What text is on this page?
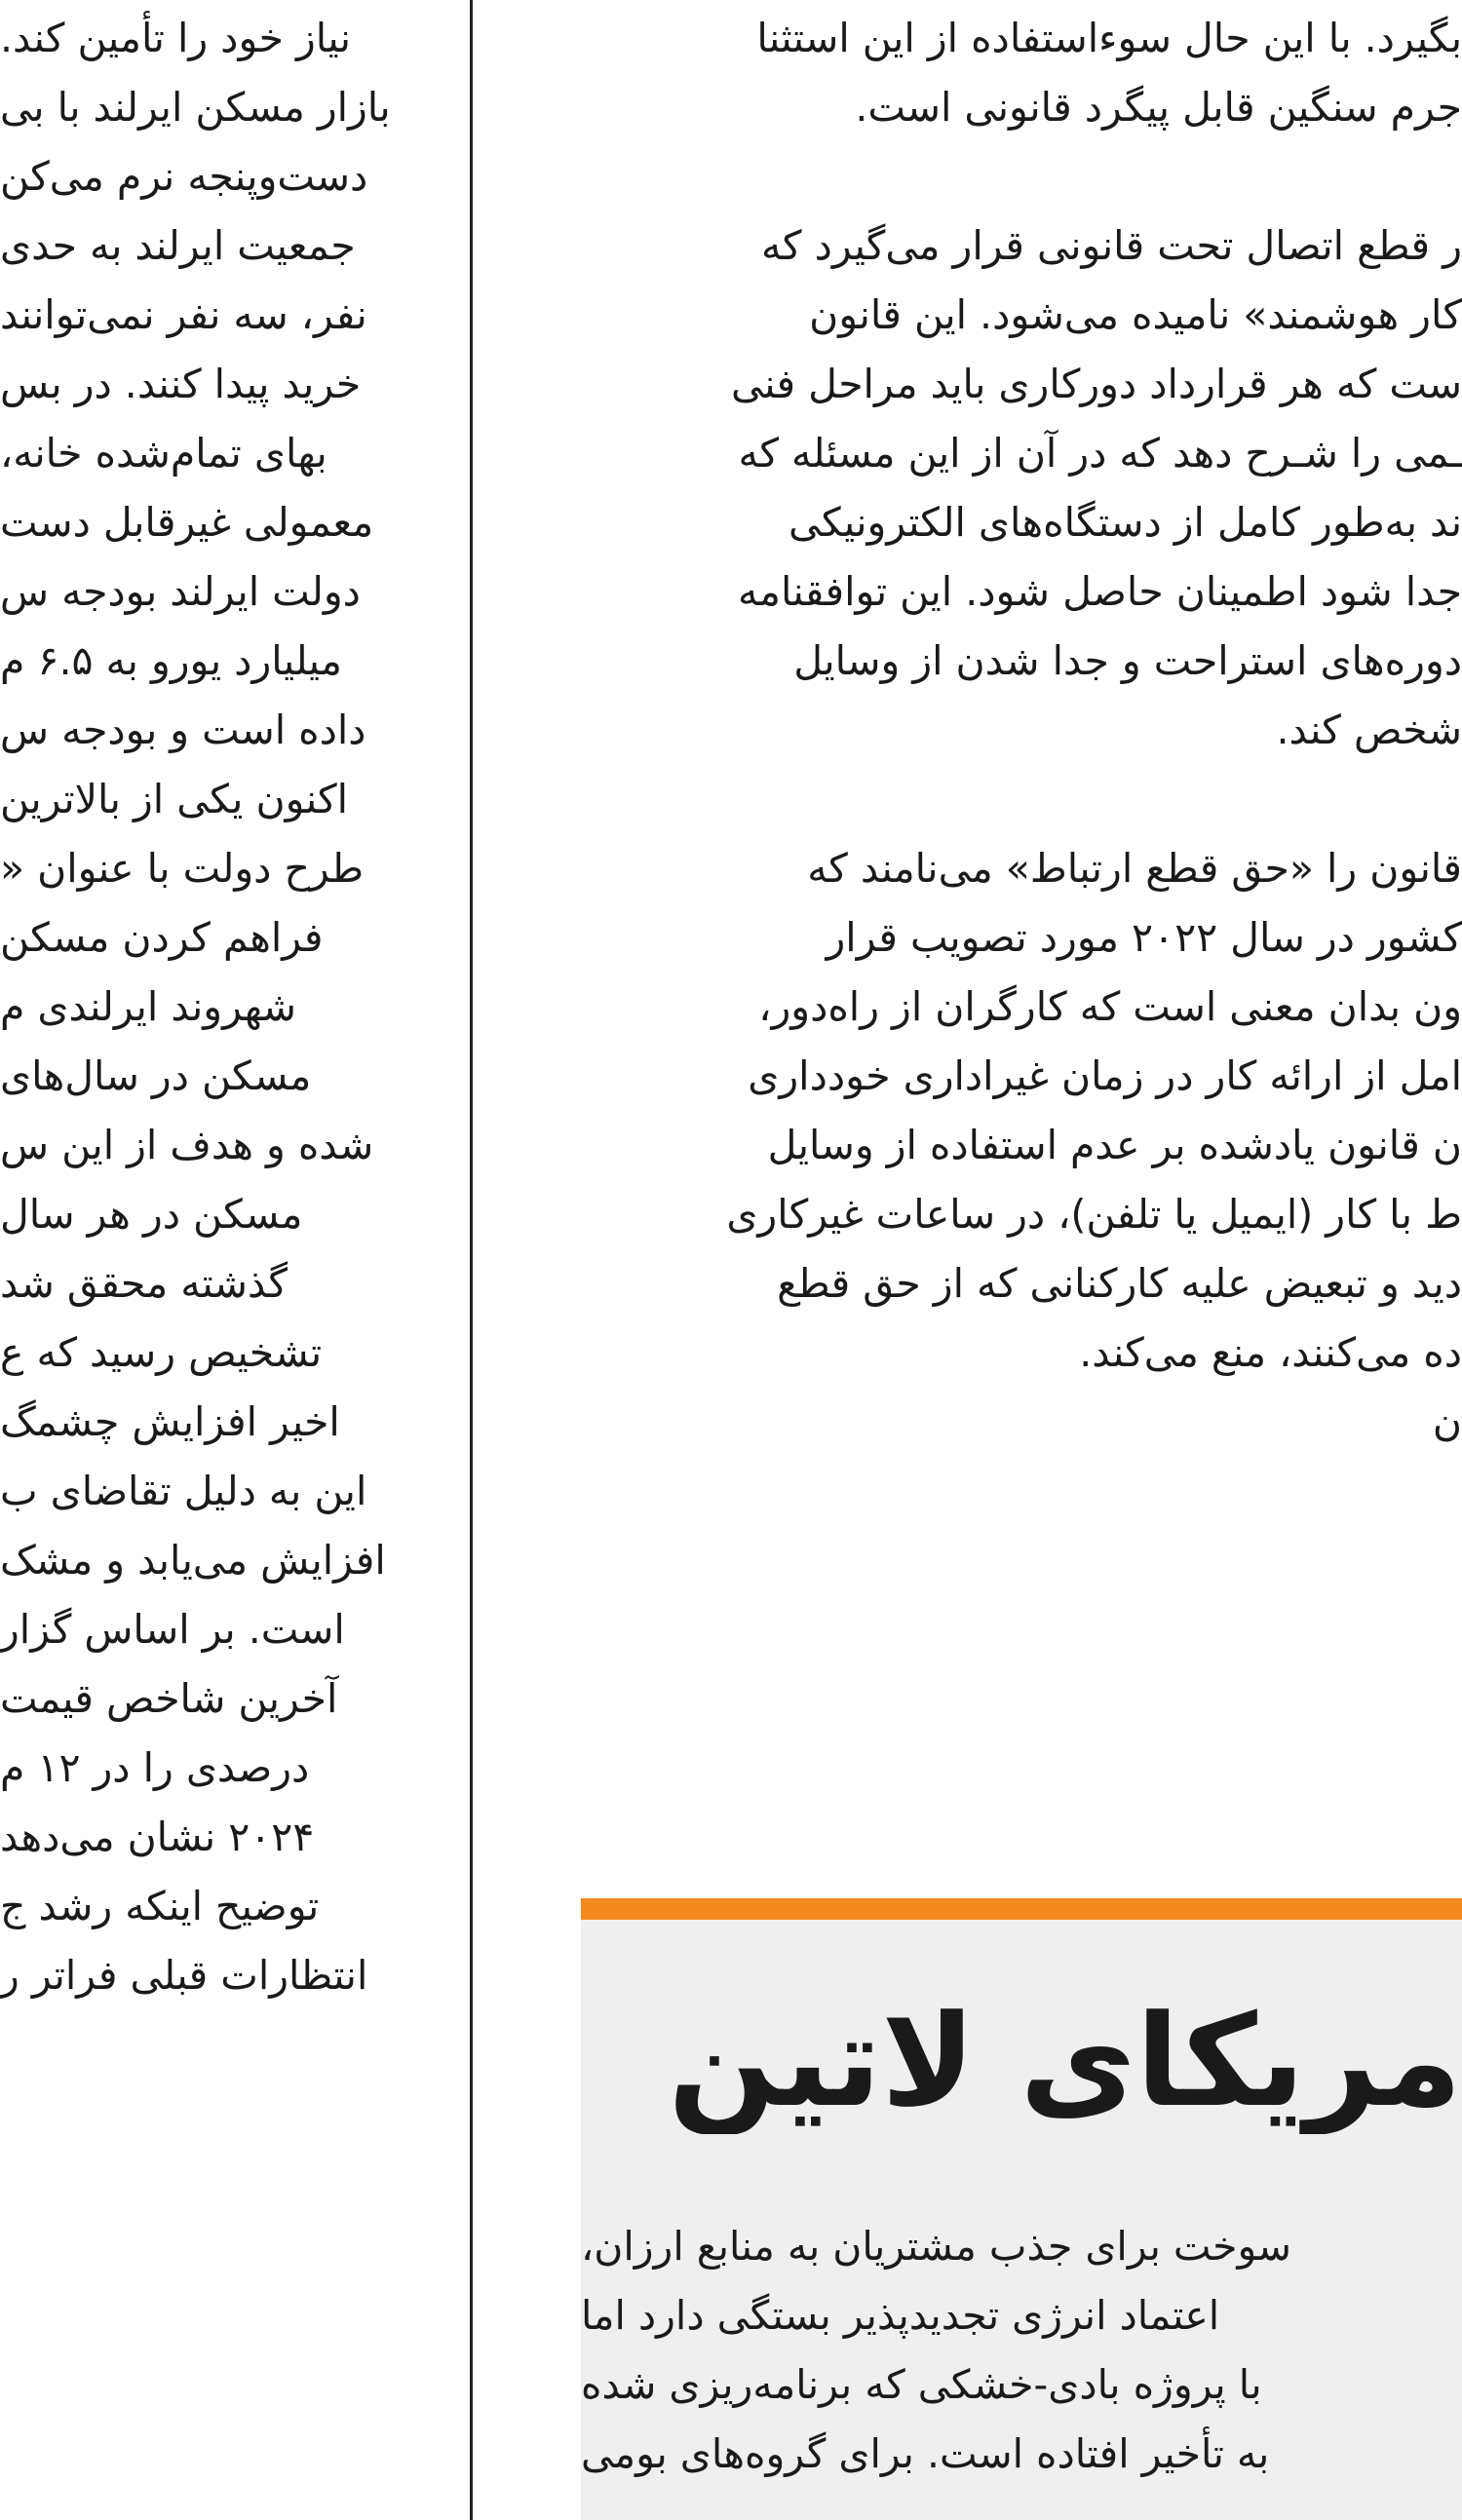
نیاز خود را تأمین کند.
بازار مسکن ایرلند با بی
دست‌وپنجه نرم می‌کن
جمعیت ایرلند به حدی
نفر، سه نفر نمی‌توانند
خرید پیدا کنند. در بس
بهای تمام‌شده خانه،
معمولی غیرقابل دست
دولت ایرلند بودجه س
میلیارد یورو به ۶.۵ م
داده است و بودجه س
اکنون یکی از بالاترین
طرح دولت با عنوان «
فراهم کردن مسکن
شهروند ایرلندی م
مسکن در سال‌های
شده و هدف از این س
مسکن در هر سال
گذشته محقق شد
تشخیص رسید که ع
اخیر افزایش چشمگ
این به دلیل تقاضای ب
افزایش می‌یابد و مشک
است. بر اساس گزار
آخرین شاخص قیمت
درصدی را در ۱۲ م
۲۰۲۴ نشان می‌دهد
توضیح اینکه رشد ج
انتظارات قبلی فراتر ر
بگیرد. با این حال سوءاستفاده از این استثنا
جرم سنگین قابل پیگرد قانونی است.
ر قطع اتصال تحت قانونی قرار می‌گیرد که
کار هوشمند» نامیده می‌شود. این قانون
ست که هر قرارداد دورکاری باید مراحل فنی
ـمی را شـرح دهد که در آن از این مسئله که
ند به‌طور کامل از دستگاه‌های الکترونیکی
جدا شود اطمینان حاصل شود. این توافقنامه
دوره‌های استراحت و جدا شدن از وسایل
شخص کند.
قانون را «حق قطع ارتباط» می‌نامند که
کشور در سال ۲۰۲۲ مورد تصویب قرار
ون بدان معنی است که کارگران از راه‌دور،
امل از ارائه کار در زمان غیراداری خودداری
ن قانون یادشده بر عدم استفاده از وسایل
ط با کار (ایمیل یا تلفن)، در ساعات غیرکاری
دید و تبعیض علیه کارکنانی که از حق قطع
ده می‌کنند، منع می‌کند.
ن
مریکای لاتین
سوخت برای جذب مشتریان به منابع ارزان،
اعتماد انرژی تجدیدپذیر بستگی دارد اما
با پروژه بادی-خشکی که برنامه‌ریزی شده
به تأخیر افتاده است. برای گروه‌های بومی
